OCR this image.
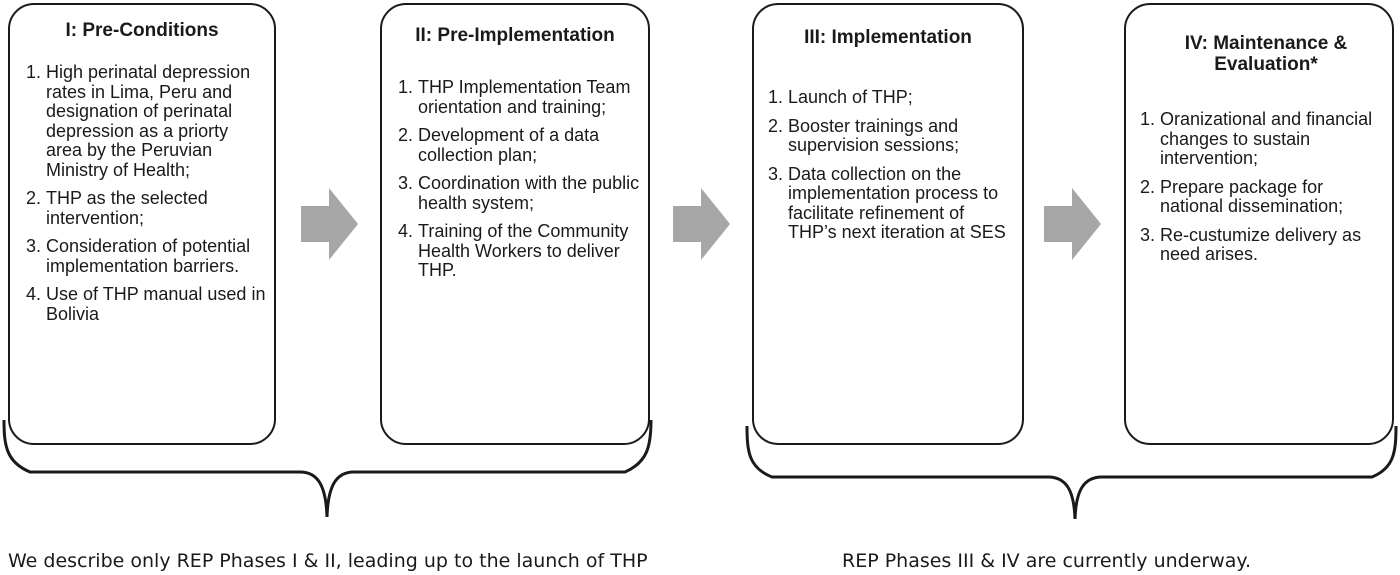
I: Pre-Conditions
1. High perinatal depression rates in Lima, Peru and designation of perinatal depression as a priorty area by the Peruvian Ministry of Health;
2. THP as the selected intervention;
3. Consideration of potential implementation barriers.
4. Use of THP manual used in Bolivia
II: Pre-Implementation
1. THP Implementation Team orientation and training;
2. Development of a data collection plan;
3. Coordination with the public health system;
4. Training of the Community Health Workers to deliver THP.
III: Implementation
1. Launch of THP;
2. Booster trainings and supervision sessions;
3. Data collection on the implementation process to facilitate refinement of THP’s next iteration at SES
IV: Maintenance &
Evaluation*
1. Oranizational and financial changes to sustain intervention;
2. Prepare package for national dissemination;
3. Re-custumize delivery as need arises.
We describe only REP Phases I & II, leading up to the launch of THP	REP Phases III & IV are currently underway.
